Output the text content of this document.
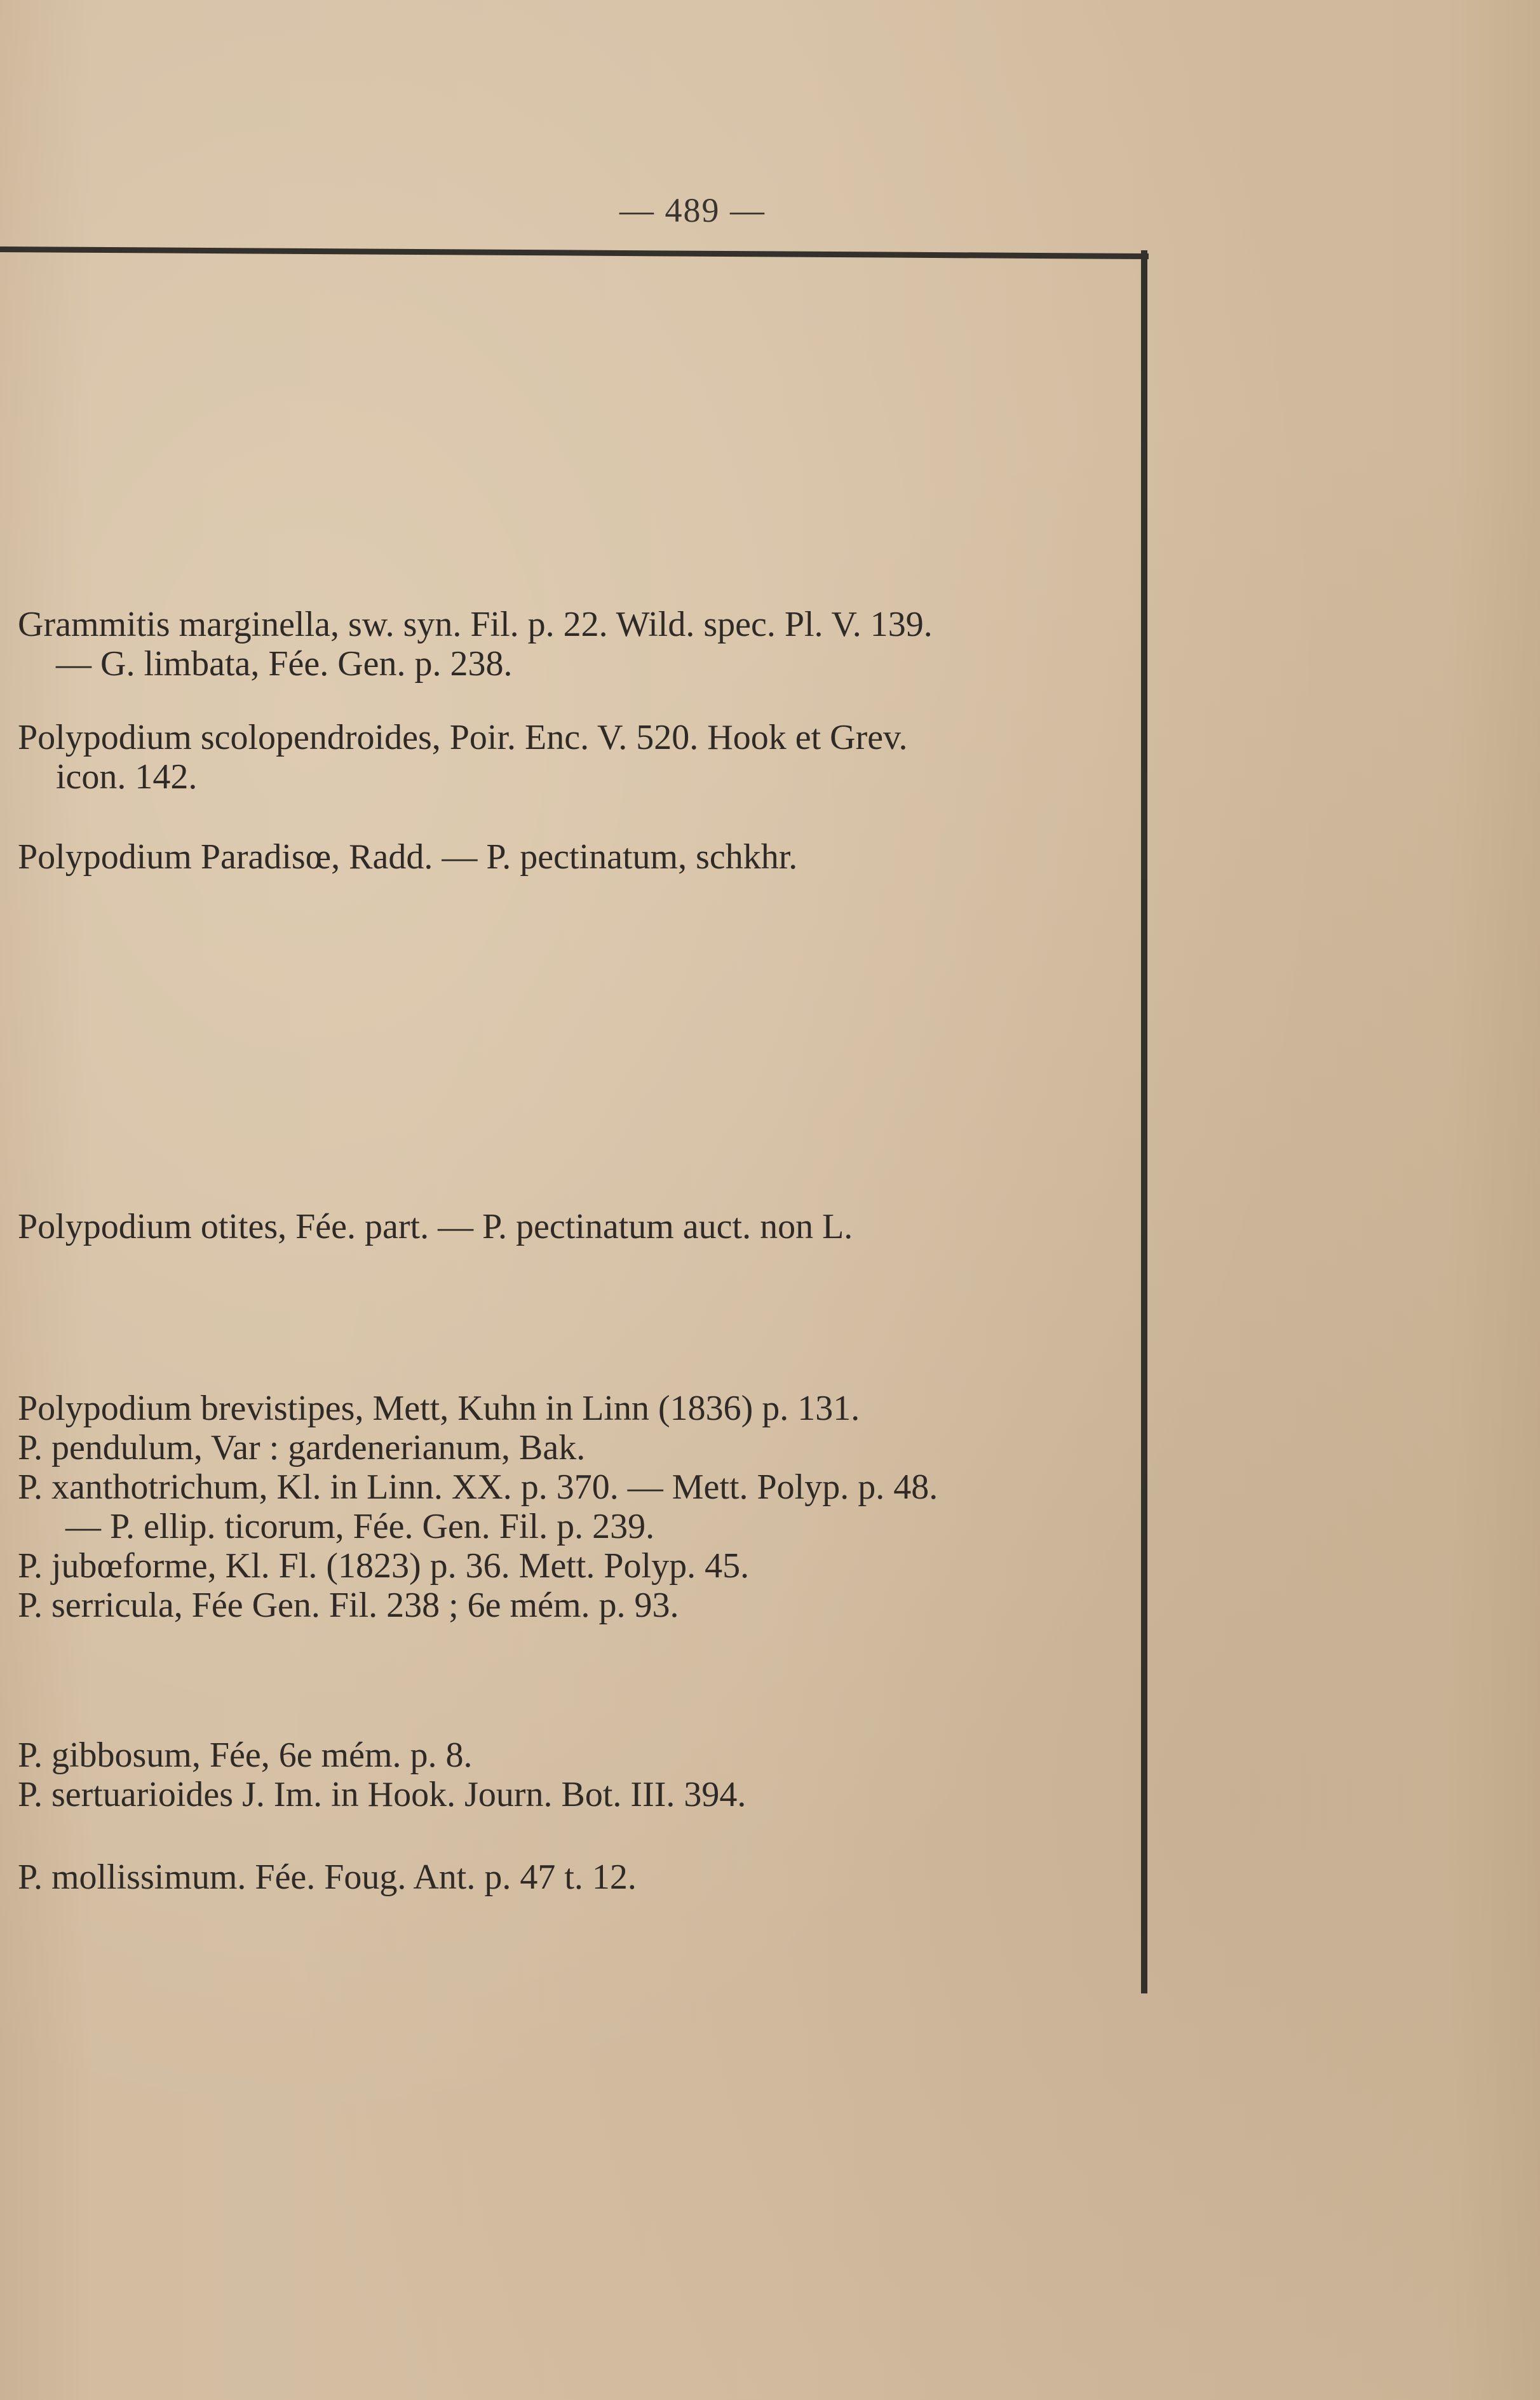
— 489 —
Grammitis marginella, sw. syn. Fil. p. 22. Wild. spec. Pl. V. 139.
— G. limbata, Fée. Gen. p. 238.
Polypodium scolopendroides, Poir. Enc. V. 520. Hook et Grev.
icon. 142.
Polypodium Paradisœ, Radd. — P. pectinatum, schkhr.
Polypodium otites, Fée. part. — P. pectinatum auct. non L.
Polypodium brevistipes, Mett, Kuhn in Linn (1836) p. 131.
P. pendulum, Var : gardenerianum, Bak.
P. xanthotrichum, Kl. in Linn. XX. p. 370. — Mett. Polyp. p. 48.
— P. ellip. ticorum, Fée. Gen. Fil. p. 239.
P. jubœforme, Kl. Fl. (1823) p. 36. Mett. Polyp. 45.
P. serricula, Fée Gen. Fil. 238 ; 6e mém. p. 93.
P. gibbosum, Fée, 6e mém. p. 8.
P. sertuarioides J. Im. in Hook. Journ. Bot. III. 394.
P. mollissimum. Fée. Foug. Ant. p. 47 t. 12.
